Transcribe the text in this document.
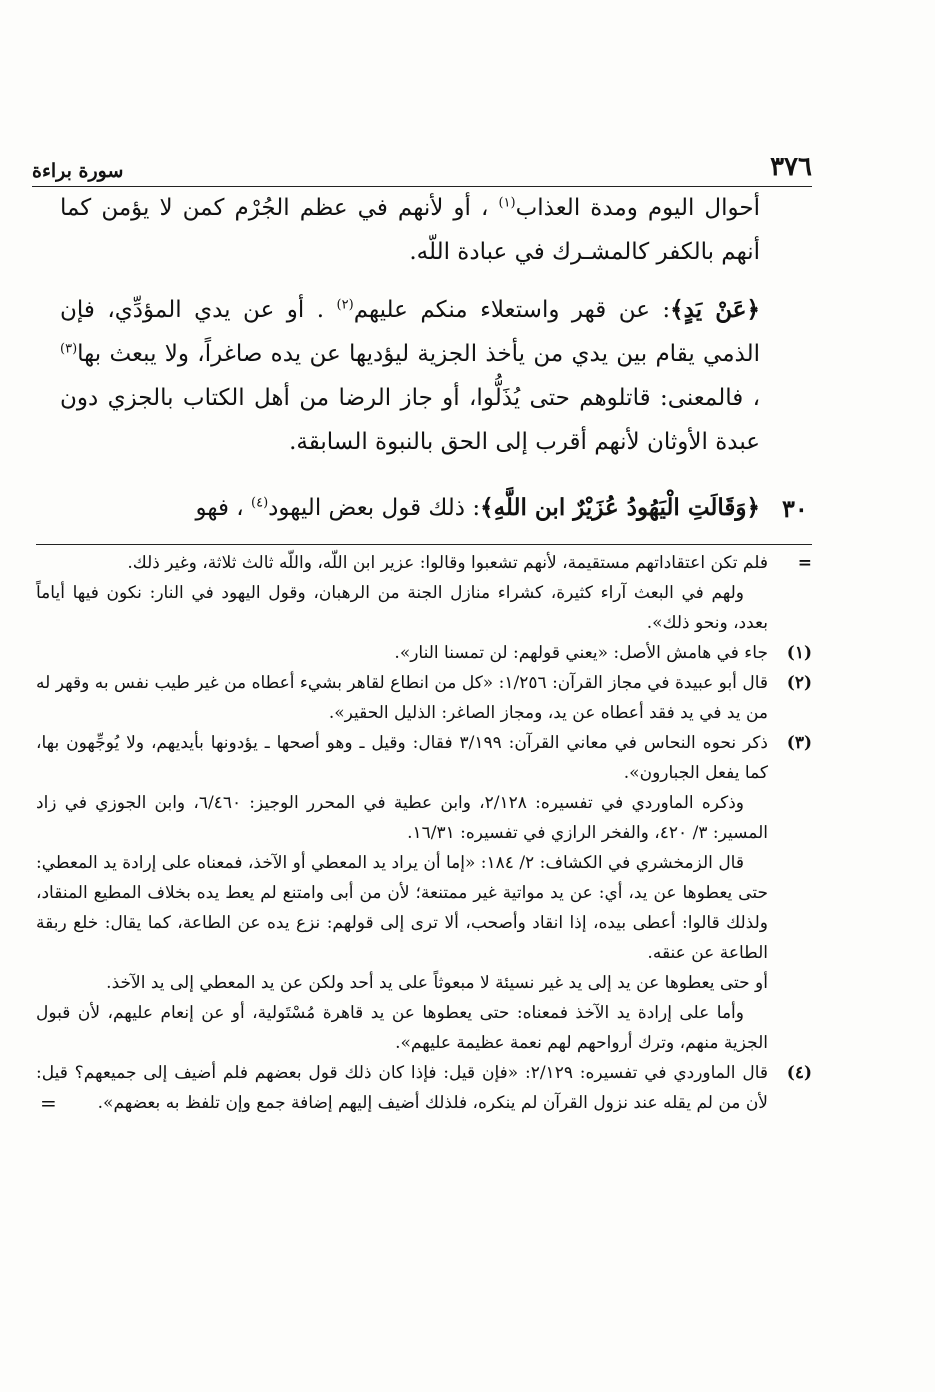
٣٧٦
سورة براءة

أحوال اليوم ومدة العذاب$^{(١)}$ ، أو لأنهم في عظم الجُرْم كمن لا يؤمن كما أنهم بالكفر كالمشـرك في عبادة اللّه.

﴿عَنْ يَدٍ﴾: عن قهر واستعلاء منكم عليهم$^{(٢)}$ . أو عن يدي المؤدِّي، فإن الذمي يقام بين يدي من يأخذ الجزية ليؤديها عن يده صاغراً، ولا يبعث بها$^{(٣)}$ ، فالمعنى: قاتلوهم حتى يُذَلُّوا، أو جاز الرضا من أهل الكتاب بالجزي دون عبدة الأوثان لأنهم أقرب إلى الحق بالنبوة السابقة.

٣٠
﴿وَقَالَتِ الْيَهُودُ عُزَيْرٌ ابن اللَّهِ﴾: ذلك قول بعض اليهود$^{(٤)}$ ، فهو
=
فلم تكن اعتقاداتهم مستقيمة، لأنهم تشعبوا وقالوا: عزير ابن اللّه، واللّه ثالث ثلاثة، وغير ذلك.
ولهم في البعث آراء كثيرة، كشراء منازل الجنة من الرهبان، وقول اليهود في النار: نكون فيها أياماً بعدد، ونحو ذلك».
(١)
جاء في هامش الأصل: «يعني قولهم: لن تمسنا النار».
(٢)
قال أبو عبيدة في مجاز القرآن: ١/٢٥٦: «كل من انطاع لقاهر بشيء أعطاه من غير طيب نفس به وقهر له من يد في يد فقد أعطاه عن يد، ومجاز الصاغر: الذليل الحقير».
(٣)
ذكر نحوه النحاس في معاني القرآن: ٣/١٩٩ فقال: وقيل ـ وهو أصحها ـ يؤدونها بأيديهم، ولا يُوجِّهون بها، كما يفعل الجبارون».
وذكره الماوردي في تفسيره: ٢/١٢٨، وابن عطية في المحرر الوجيز: ٦/٤٦٠، وابن الجوزي في زاد المسير: ٣/ ٤٢٠، والفخر الرازي في تفسيره: ١٦/٣١.
قال الزمخشري في الكشاف: ٢/ ١٨٤: «إما أن يراد يد المعطي أو الآخذ، فمعناه على إرادة يد المعطي: حتى يعطوها عن يد، أي: عن يد مواتية غير ممتنعة؛ لأن من أبى وامتنع لم يعط يده بخلاف المطيع المنقاد، ولذلك قالوا: أعطى بيده، إذا انقاد وأصحب، ألا ترى إلى قولهم: نزع يده عن الطاعة، كما يقال: خلع ربقة الطاعة عن عنقه.
أو حتى يعطوها عن يد إلى يد غير نسيئة لا مبعوثاً على يد أحد ولكن عن يد المعطي إلى يد الآخذ.
وأما على إرادة يد الآخذ فمعناه: حتى يعطوها عن يد قاهرة مُسْتَولية، أو عن إنعام عليهم، لأن قبول الجزية منهم، وترك أرواحهم لهم نعمة عظيمة عليهم».
(٤)
قال الماوردي في تفسيره: ٢/١٢٩: «فإن قيل: فإذا كان ذلك قول بعضهم فلم أضيف إلى جميعهم؟ قيل: لأن من لم يقله عند نزول القرآن لم ينكره، فلذلك أضيف إليهم إضافة جمع وإن تلفظ به بعضهم».
=
